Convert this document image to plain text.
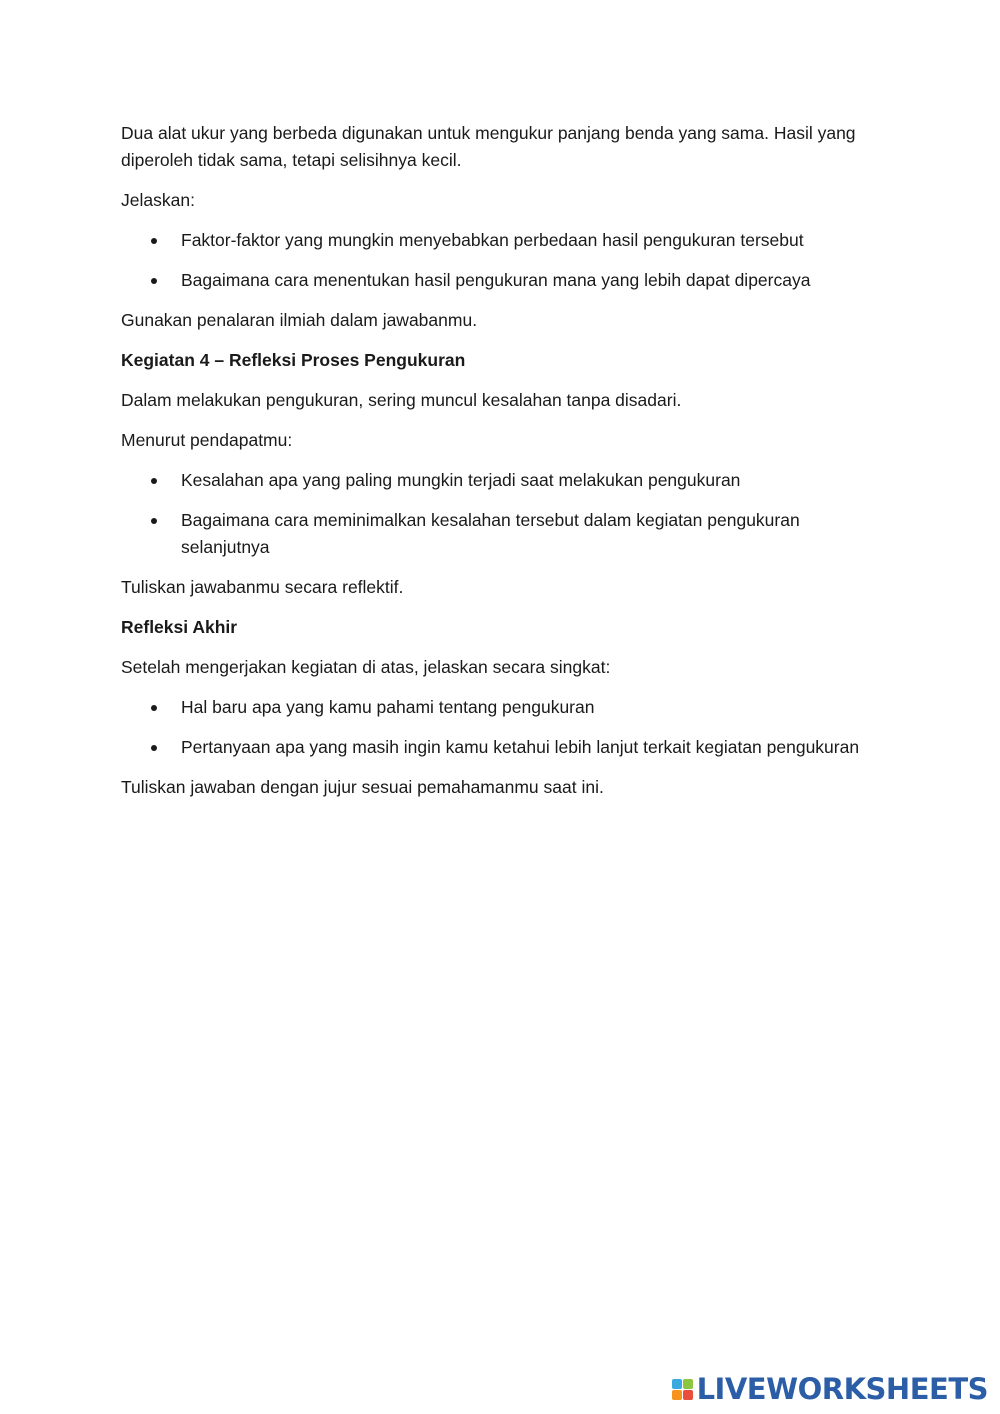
Dua alat ukur yang berbeda digunakan untuk mengukur panjang benda yang sama. Hasil yang diperoleh tidak sama, tetapi selisihnya kecil.

Jelaskan:

Faktor-faktor yang mungkin menyebabkan perbedaan hasil pengukuran tersebut
Bagaimana cara menentukan hasil pengukuran mana yang lebih dapat dipercaya

Gunakan penalaran ilmiah dalam jawabanmu.

Kegiatan 4 – Refleksi Proses Pengukuran

Dalam melakukan pengukuran, sering muncul kesalahan tanpa disadari.

Menurut pendapatmu:

Kesalahan apa yang paling mungkin terjadi saat melakukan pengukuran
Bagaimana cara meminimalkan kesalahan tersebut dalam kegiatan pengukuran selanjutnya

Tuliskan jawabanmu secara reflektif.

Refleksi Akhir

Setelah mengerjakan kegiatan di atas, jelaskan secara singkat:

Hal baru apa yang kamu pahami tentang pengukuran
Pertanyaan apa yang masih ingin kamu ketahui lebih lanjut terkait kegiatan pengukuran

Tuliskan jawaban dengan jujur sesuai pemahamanmu saat ini.

LIVEWORKSHEETS
